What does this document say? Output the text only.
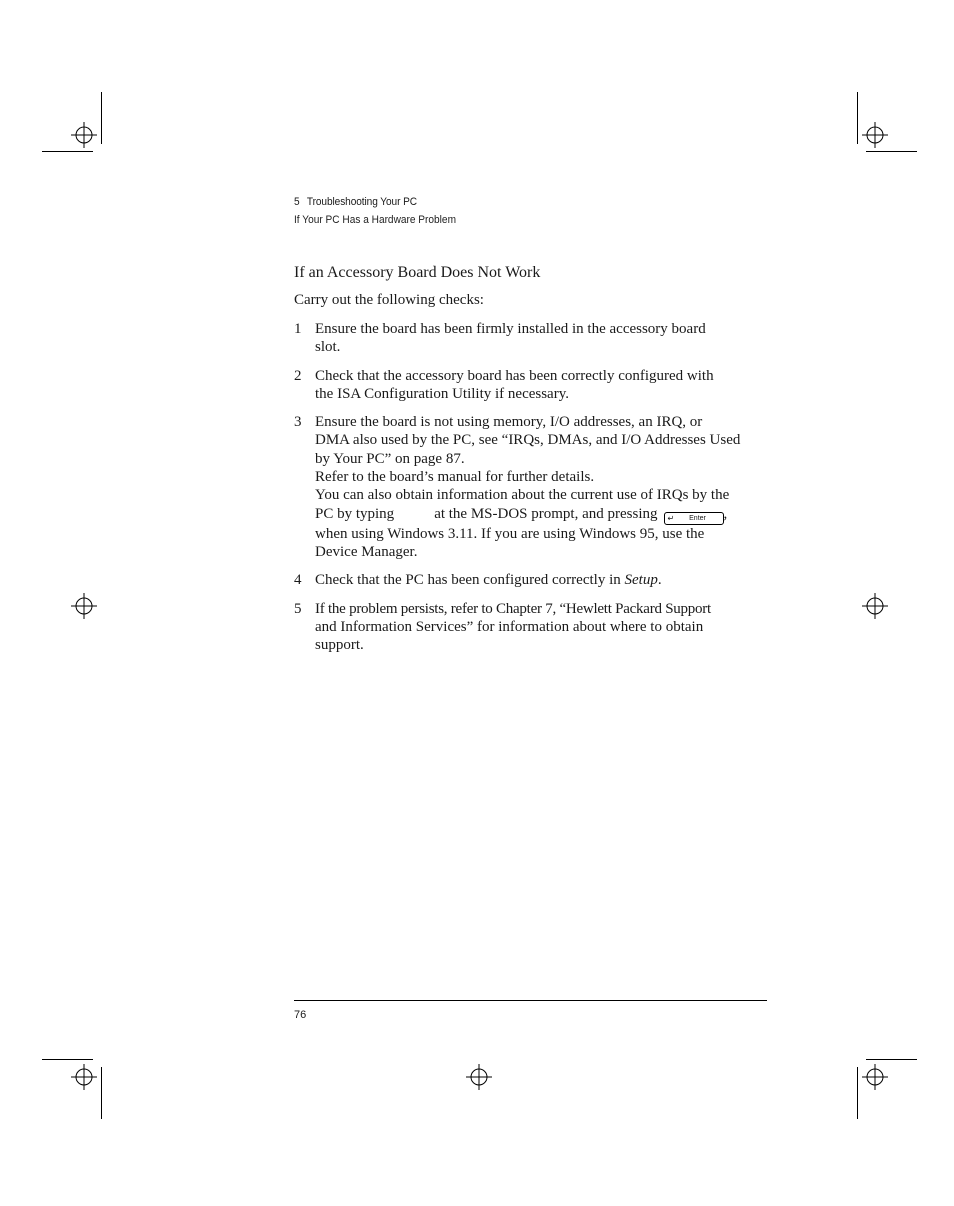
5 Troubleshooting Your PC
If Your PC Has a Hardware Problem
If an Accessory Board Does Not Work
Carry out the following checks:
1 Ensure the board has been firmly installed in the accessory board
slot.
2 Check that the accessory board has been correctly configured with
the ISA Configuration Utility if necessary.
3 Ensure the board is not using memory, I/O addresses, an IRQ, or
DMA also used by the PC, see “IRQs, DMAs, and I/O Addresses Used
by Your PC” on page 87.
Refer to the board’s manual for further details.
You can also obtain information about the current use of IRQs by the
PC by typing	at the MS-DOS prompt, and pressing ↵ Enter ,
when using Windows 3.11. If you are using Windows 95, use the
Device Manager.
4 Check that the PC has been configured correctly in Setup.
5 If the problem persists, refer to Chapter 7, “Hewlett Packard Support
and Information Services” for information about where to obtain
support.
76
